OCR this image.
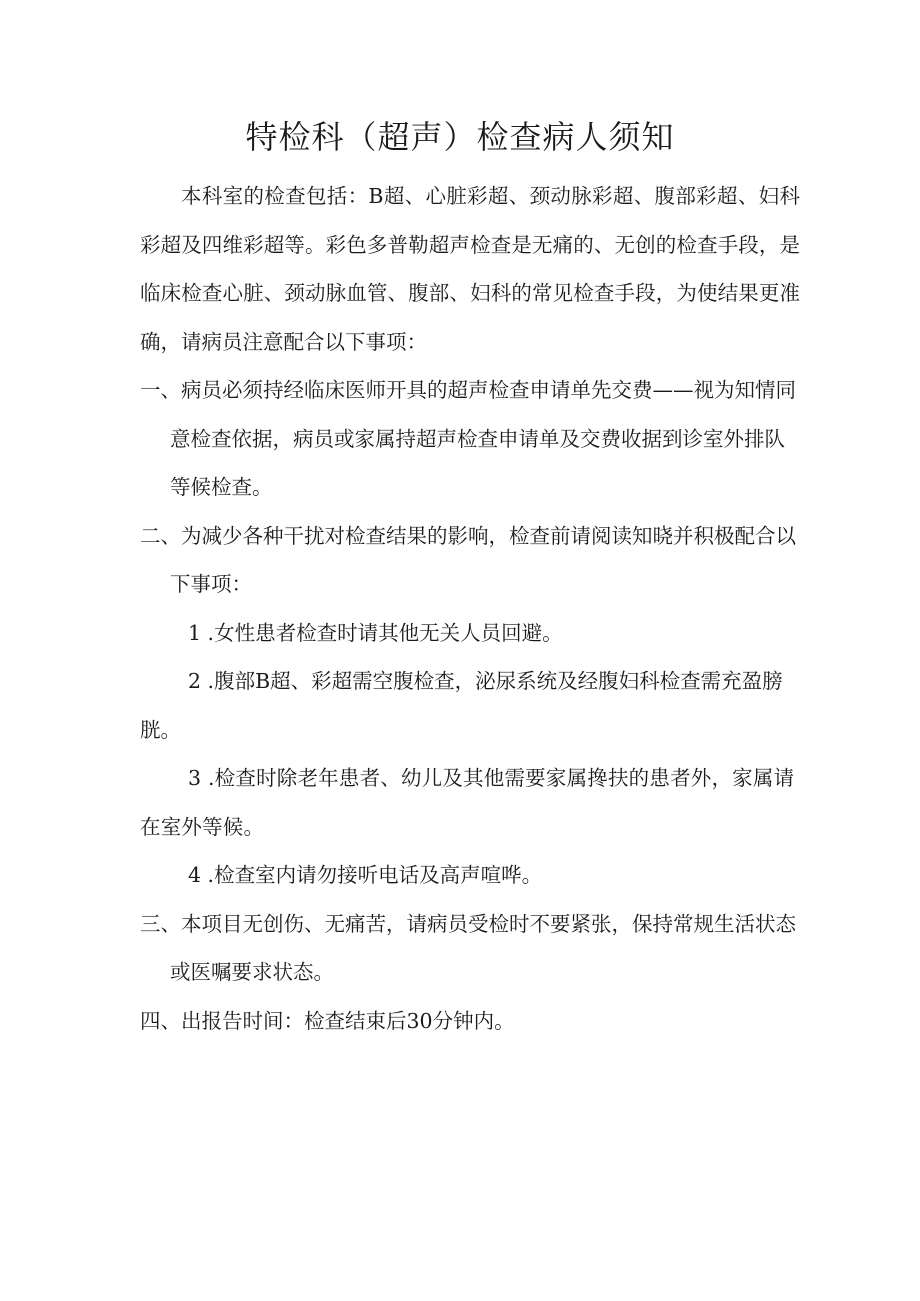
特检科（超声）检查病人须知

本科室的检查包括：B超、心脏彩超、颈动脉彩超、腹部彩超、妇科彩超及四维彩超等。彩色多普勒超声检查是无痛的、无创的检查手段，是临床检查心脏、颈动脉血管、腹部、妇科的常见检查手段，为使结果更准确，请病员注意配合以下事项：

一、病员必须持经临床医师开具的超声检查申请单先交费——视为知情同意检查依据，病员或家属持超声检查申请单及交费收据到诊室外排队等候检查。

二、为减少各种干扰对检查结果的影响，检查前请阅读知晓并积极配合以下事项：

1 .女性患者检查时请其他无关人员回避。

2 .腹部B超、彩超需空腹检查，泌尿系统及经腹妇科检查需充盈膀胱。

3 .检查时除老年患者、幼儿及其他需要家属搀扶的患者外，家属请在室外等候。

4 .检查室内请勿接听电话及高声喧哗。

三、本项目无创伤、无痛苦，请病员受检时不要紧张，保持常规生活状态或医嘱要求状态。

四、出报告时间：检查结束后30分钟内。
